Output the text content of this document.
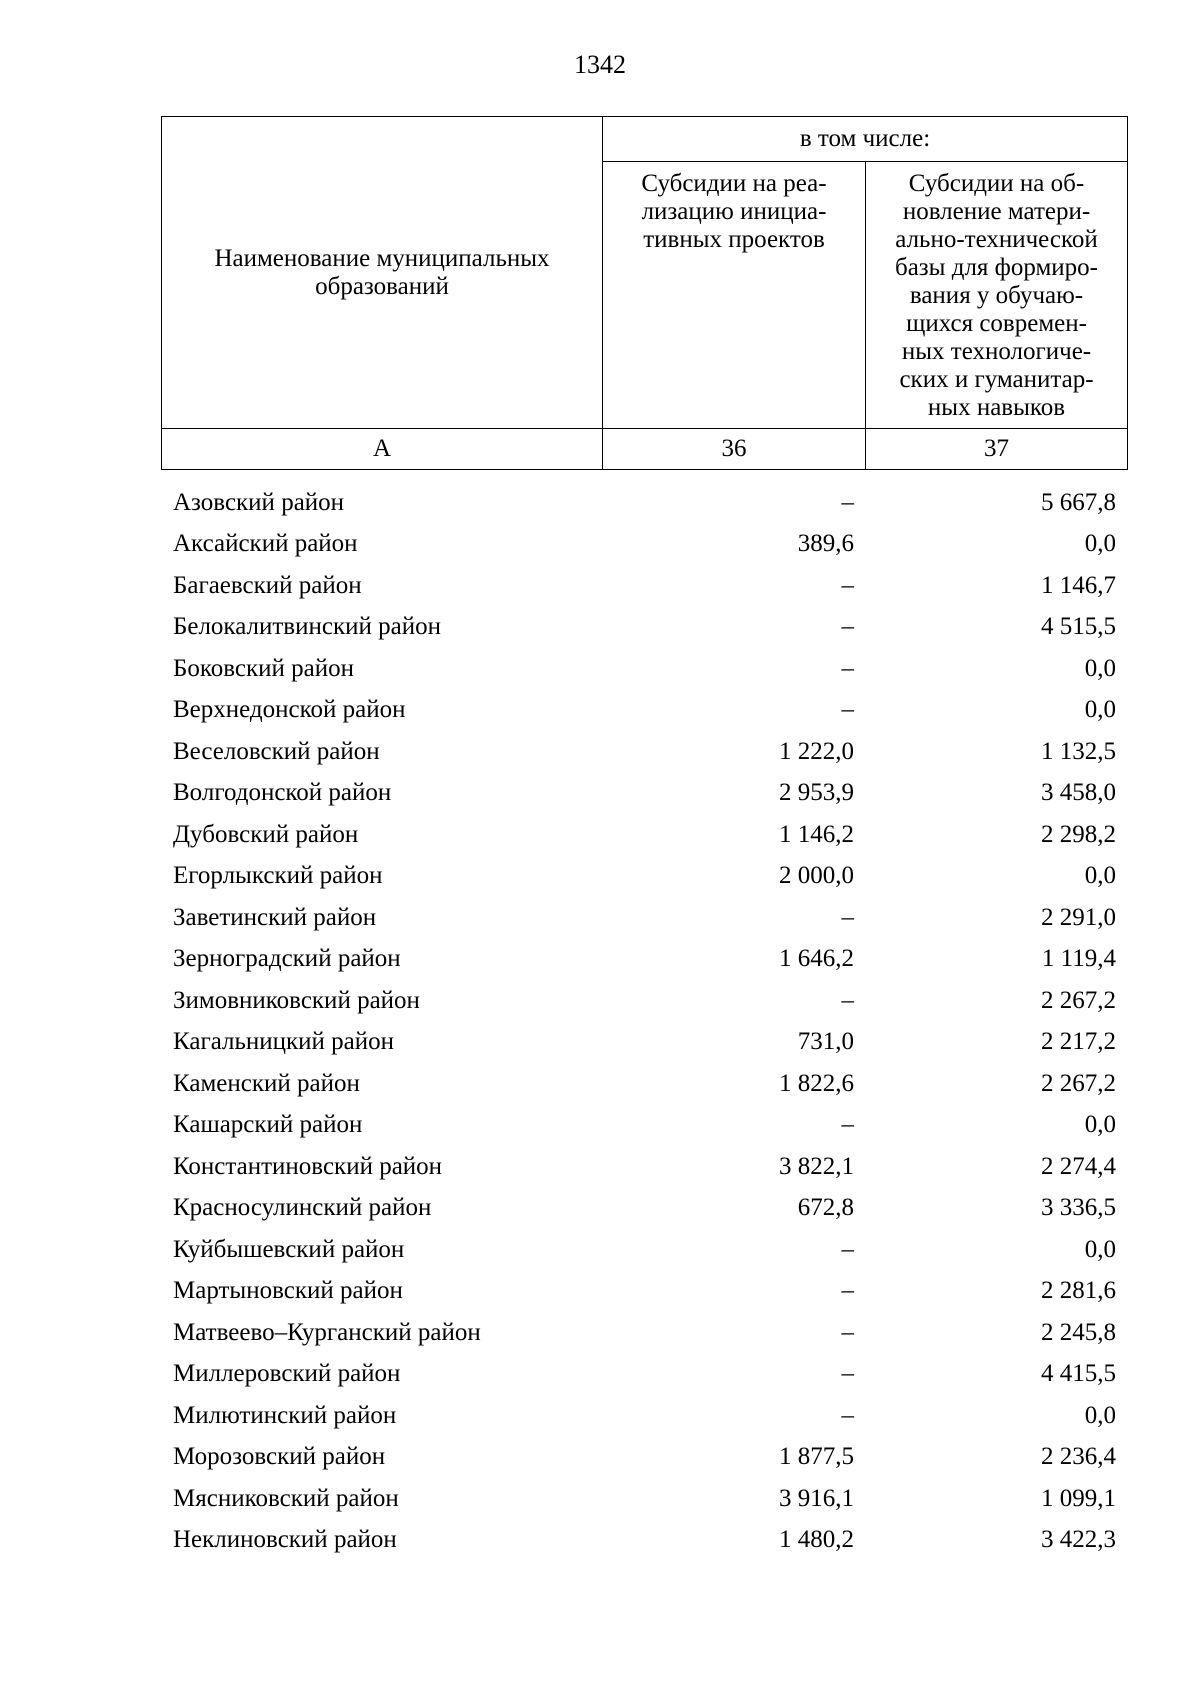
1342
Наименование муниципальных образований	в том числе:	
	Субсидии на реа- лизацию инициа- тивных проектов	Субсидии на об- новление матери- ально-технической базы для формиро- вания у обучаю- щихся современ- ных технологиче- ских и гуманитар- ных навыков
А	36	37
Азовский район	–	5 667,8
Аксайский район	389,6	0,0
Багаевский район	–	1 146,7
Белокалитвинский район	–	4 515,5
Боковский район	–	0,0
Верхнедонской район	–	0,0
Веселовский район	1 222,0	1 132,5
Волгодонской район	2 953,9	3 458,0
Дубовский район	1 146,2	2 298,2
Егорлыкский район	2 000,0	0,0
Заветинский район	–	2 291,0
Зерноградский район	1 646,2	1 119,4
Зимовниковский район	–	2 267,2
Кагальницкий район	731,0	2 217,2
Каменский район	1 822,6	2 267,2
Кашарский район	–	0,0
Константиновский район	3 822,1	2 274,4
Красносулинский район	672,8	3 336,5
Куйбышевский район	–	0,0
Мартыновский район	–	2 281,6
Матвеево–Курганский район	–	2 245,8
Миллеровский район	–	4 415,5
Милютинский район	–	0,0
Морозовский район	1 877,5	2 236,4
Мясниковский район	3 916,1	1 099,1
Неклиновский район	1 480,2	3 422,3
